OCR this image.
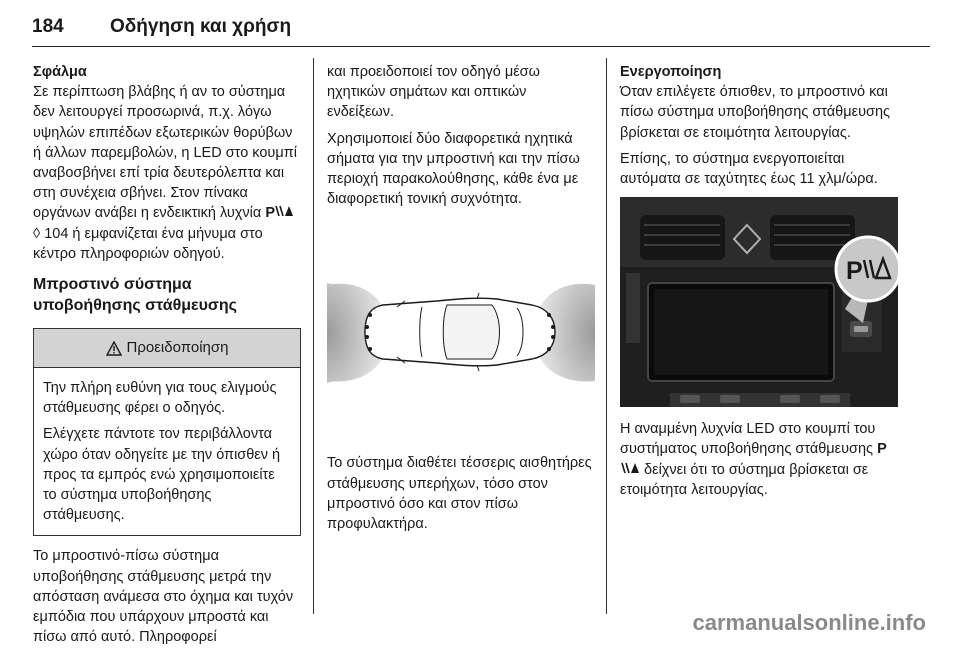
184 Οδήγηση και χρήση
Σφάλμα

Σε περίπτωση βλάβης ή αν το σύστημα δεν λειτουργεί προσωρινά, π.χ. λόγω υψηλών επιπέδων εξωτερικών θορύβων ή άλλων παρεμβολών, η LED στο κουμπί αναβοσβήνει επί τρία δευτερόλεπτα και στη συνέχεια σβήνει. Στον πίνακα οργάνων ανάβει η ενδεικτική λυχνία P ◊ 104 ή εμφανίζεται ένα μήνυμα στο κέντρο πληροφοριών οδηγού.

Μπροστινό σύστημα υποβοήθησης στάθμευσης
Προειδοποίηση

Την πλήρη ευθύνη για τους ελιγμούς στάθμευσης φέρει ο οδηγός.

Ελέγχετε πάντοτε τον περιβάλλοντα χώρο όταν οδηγείτε με την όπισθεν ή προς τα εμπρός ενώ χρησιμοποιείτε το σύστημα υποβοήθησης στάθμευσης.

Το μπροστινό-πίσω σύστημα υποβοήθησης στάθμευσης μετρά την απόσταση ανάμεσα στο όχημα και τυχόν εμπόδια που υπάρχουν μπροστά και πίσω από αυτό. Πληροφορεί

και προειδοποιεί τον οδηγό μέσω ηχητικών σημάτων και οπτικών ενδείξεων.

Χρησιμοποιεί δύο διαφορετικά ηχητικά σήματα για την μπροστινή και την πίσω περιοχή παρακολούθησης, κάθε ένα με διαφορετική τονική συχνότητα.

Το σύστημα διαθέτει τέσσερις αισθητήρες στάθμευσης υπερήχων, τόσο στον μπροστινό όσο και στον πίσω προφυλακτήρα.

Ενεργοποίηση

Όταν επιλέγετε όπισθεν, το μπροστινό και πίσω σύστημα υποβοήθησης στάθμευσης βρίσκεται σε ετοιμότητα λειτουργίας.

Επίσης, το σύστημα ενεργοποιείται αυτόματα σε ταχύτητες έως 11 χλμ/ώρα.

P

Η αναμμένη λυχνία LED στο κουμπί του συστήματος υποβοήθησης στάθμευσης P δείχνει ότι το σύστημα βρίσκεται σε ετοιμότητα λειτουργίας.

carmanualsonline.info
